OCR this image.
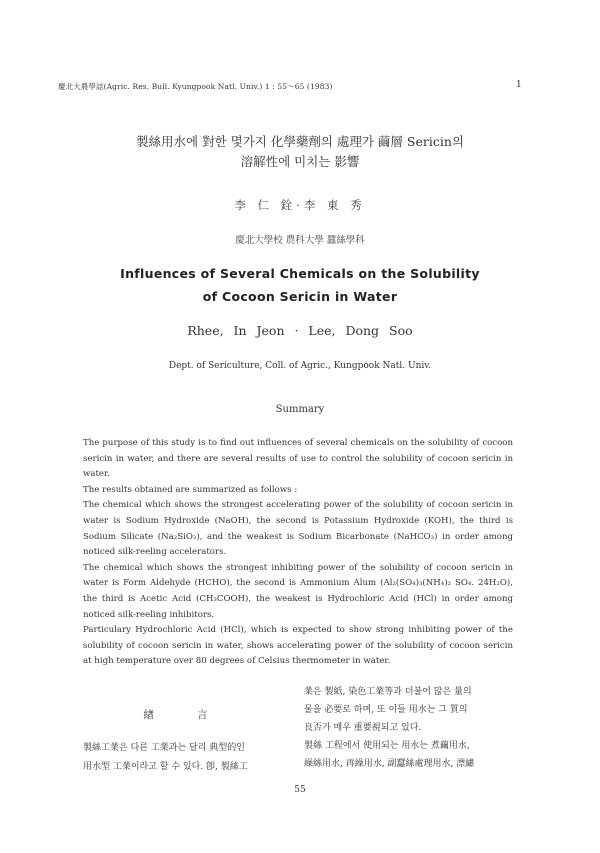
慶北大農學誌(Agric. Res. Bull. Kyungpook Natl. Univ.) 1 : 55～65 (1983)	1
製絲用水에 對한 몇가지 化學藥劑의 處理가 繭層 Sericin의
溶解性에 미치는 影響
李 仁 銓·李 東 秀
慶北大學校 農科大學 蠶絲學科
Influences of Several Chemicals on the Solubility
of Cocoon Sericin in Water
Rhee, In Jeon · Lee, Dong Soo
Dept. of Sericulture, Coll. of Agric., Kungpook Natl. Univ.
Summary

The purpose of this study is to find out influences of several chemicals on the solubility of cocoon sericin in water, and there are several results of use to control the solubility of cocoon sericin in water.

The results obtained are summarized as follows :

The chemical which shows the strongest accelerating power of the solubility of cocoon sericin in water is Sodium Hydroxide (NaOH), the second is Potassium Hydroxide (KOH), the third is Sodium Silicate (Na₂SiO₃), and the weakest is Sodium Bicarbonate (NaHCO₃) in order among noticed silk-reeling accelerators.

The chemical which shows the strongest inhibiting power of the solubility of cocoon sericin in water is Form Aldehyde (HCHO), the second is Ammonium Alum (Al₂(SO₄)₃(NH₄)₂ SO₄. 24H₂O), the third is Acetic Acid (CH₃COOH), the weakest is Hydrochloric Acid (HCl) in order among noticed silk-reeling inhibitors.

Particulary Hydrochloric Acid (HCl), which is expected to show strong inhibiting power of the solubility of cocoon sericin in water, shows accelerating power of the solubility of cocoon sericin at high temperature over 80 degrees of Celsius thermometer in water.

緖 言
製絲工業은 다른 工業과는 달리 典型的인
用水型 工業이라고 할 수 있다. 卽, 製絲工
業은 製紙, 染色工業等과 더불어 많은 量의
물을 必要로 하며, 또 이들 用水는 그 質의
良否가 매우 重要視되고 있다.
製絲 工程에서 使用되는 用水는 煮繭用水,
繰絲用水, 再繰用水, 副蠶絲處理用水, 漂繡
55
